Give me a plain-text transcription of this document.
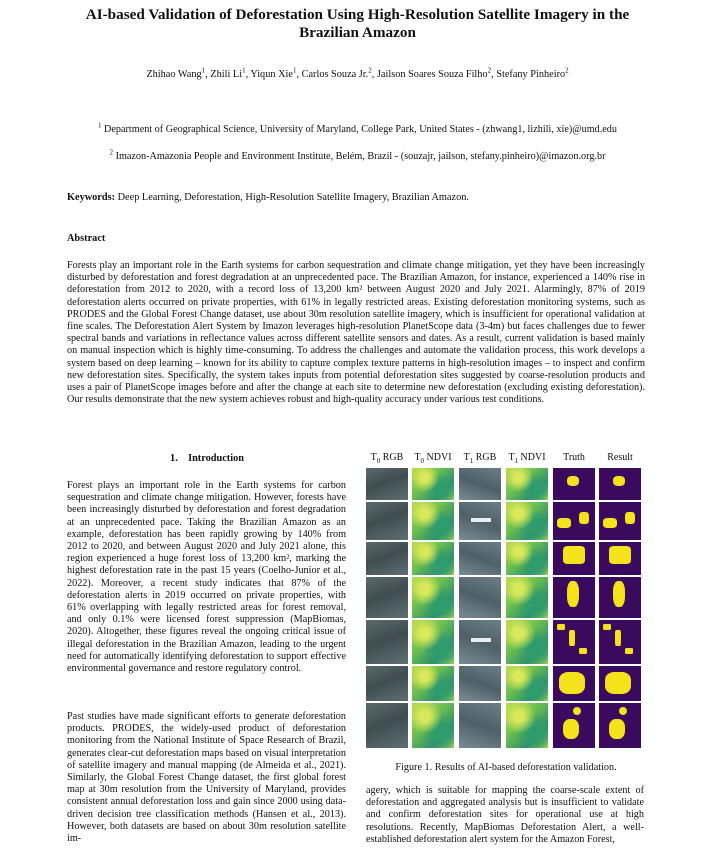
AI-based Validation of Deforestation Using High-Resolution Satellite Imagery in the Brazilian Amazon
Zhihao Wang$^1$, Zhili Li$^1$, Yiqun Xie$^1$, Carlos Souza Jr.$^2$, Jailson Soares Souza Filho$^2$, Stefany Pinheiro$^2$
$^1$ Department of Geographical Science, University of Maryland, College Park, United States - (zhwang1, lizhili, xie)@umd.edu
$^2$ Imazon-Amazonia People and Environment Institute, Belém, Brazil - (souzajr, jailson, stefany.pinheiro)@imazon.org.br
Keywords: Deep Learning, Deforestation, High-Resolution Satellite Imagery, Brazilian Amazon.
Abstract
Forests play an important role in the Earth systems for carbon sequestration and climate change mitigation, yet they have been increasingly disturbed by deforestation and forest degradation at an unprecedented pace. The Brazilian Amazon, for instance, experienced a 140% rise in deforestation from 2012 to 2020, with a record loss of 13,200 km² between August 2020 and July 2021. Alarmingly, 87% of 2019 deforestation alerts occurred on private properties, with 61% in legally restricted areas. Existing deforestation monitoring systems, such as PRODES and the Global Forest Change dataset, use about 30m resolution satellite imagery, which is insufficient for operational validation at fine scales. The Deforestation Alert System by Imazon leverages high-resolution PlanetScope data (3-4m) but faces challenges due to fewer spectral bands and variations in reflectance values across different satellite sensors and dates. As a result, current validation is based mainly on manual inspection which is highly time-consuming. To address the challenges and automate the validation process, this work develops a system based on deep learning – known for its ability to capture complex texture patterns in high-resolution images – to inspect and confirm new deforestation sites. Specifically, the system takes inputs from potential deforestation sites suggested by coarse-resolution products and uses a pair of PlanetScope images before and after the change at each site to determine new deforestation (excluding existing deforestation). Our results demonstrate that the new system achieves robust and high-quality accuracy under various test conditions.
1.    Introduction
Forest plays an important role in the Earth systems for carbon sequestration and climate change mitigation. However, forests have been increasingly disturbed by deforestation and forest degradation at an unprecedented pace. Taking the Brazilian Amazon as an example, deforestation has been rapidly growing by 140% from 2012 to 2020, and between August 2020 and July 2021 alone, this region experienced a huge forest loss of 13,200 km², marking the highest deforestation rate in the past 15 years (Coelho-Junior et al., 2022). Moreover, a recent study indicates that 87% of the deforestation alerts in 2019 occurred on private properties, with 61% overlapping with legally restricted areas for forest removal, and only 0.1% were licensed forest suppression (MapBiomas, 2020). Altogether, these figures reveal the ongoing critical issue of illegal deforestation in the Brazilian Amazon, leading to the urgent need for automatically identifying deforestation to support effective environmental governance and restore regulatory control.
Past studies have made significant efforts to generate deforestation products. PRODES, the widely-used product of deforestation monitoring from the National Institute of Space Research of Brazil, generates clear-cut deforestation maps based on visual interpretation of satellite imagery and manual mapping (de Almeida et al., 2021). Similarly, the Global Forest Change dataset, the first global forest map at 30m resolution from the University of Maryland, provides consistent annual deforestation loss and gain since 2000 using data-driven decision tree classification methods (Hansen et al., 2013). However, both datasets are based on about 30m resolution satellite im-
$T_0$ RGB	$T_0$ NDVI	$T_1$ RGB	$T_1$ NDVI	Truth	Result
Figure 1. Results of AI-based deforestation validation.
agery, which is suitable for mapping the coarse-scale extent of deforestation and aggregated analysis but is insufficient to validate and confirm deforestation sites for operational use at high resolutions. Recently, MapBiomas Deforestation Alert, a well-established deforestation alert system for the Amazon Forest,
